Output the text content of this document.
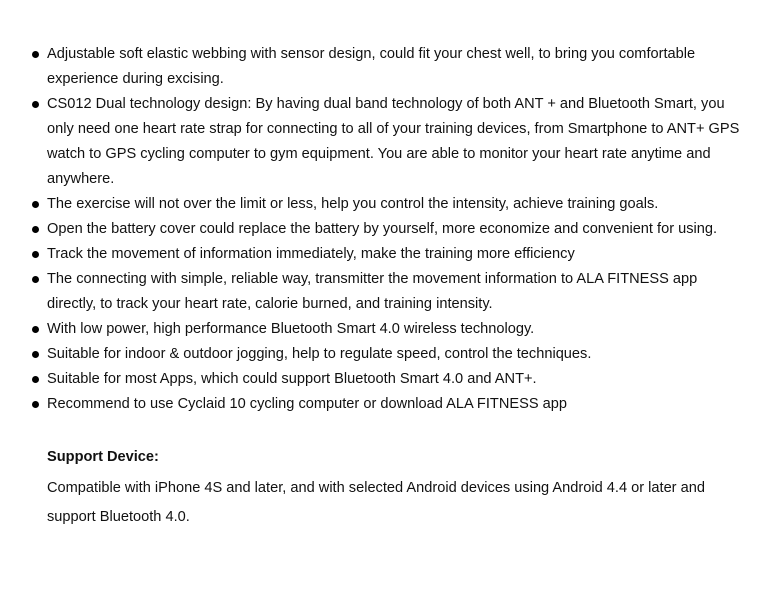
Adjustable soft elastic webbing with sensor design, could fit your chest well, to bring you comfortable experience during excising.
CS012 Dual technology design: By having dual band technology of both ANT + and Bluetooth Smart, you only need one heart rate strap for connecting to all of your training devices, from Smartphone to ANT+ GPS watch to GPS cycling computer to gym equipment. You are able to monitor your heart rate anytime and anywhere.
The exercise will not over the limit or less, help you control the intensity, achieve training goals.
Open the battery cover could replace the battery by yourself, more economize and convenient for using.
Track the movement of information immediately, make the training more efficiency
The connecting with simple, reliable way, transmitter the movement information to ALA FITNESS app directly, to track your heart rate, calorie burned, and training intensity.
With low power, high performance Bluetooth Smart 4.0 wireless technology.
Suitable for indoor & outdoor jogging, help to regulate speed, control the techniques.
Suitable for most Apps, which could support Bluetooth Smart 4.0 and ANT+.
Recommend to use Cyclaid 10 cycling computer or download ALA FITNESS app

Support Device:

Compatible with iPhone 4S and later, and with selected Android devices using Android 4.4 or later and support Bluetooth 4.0.
